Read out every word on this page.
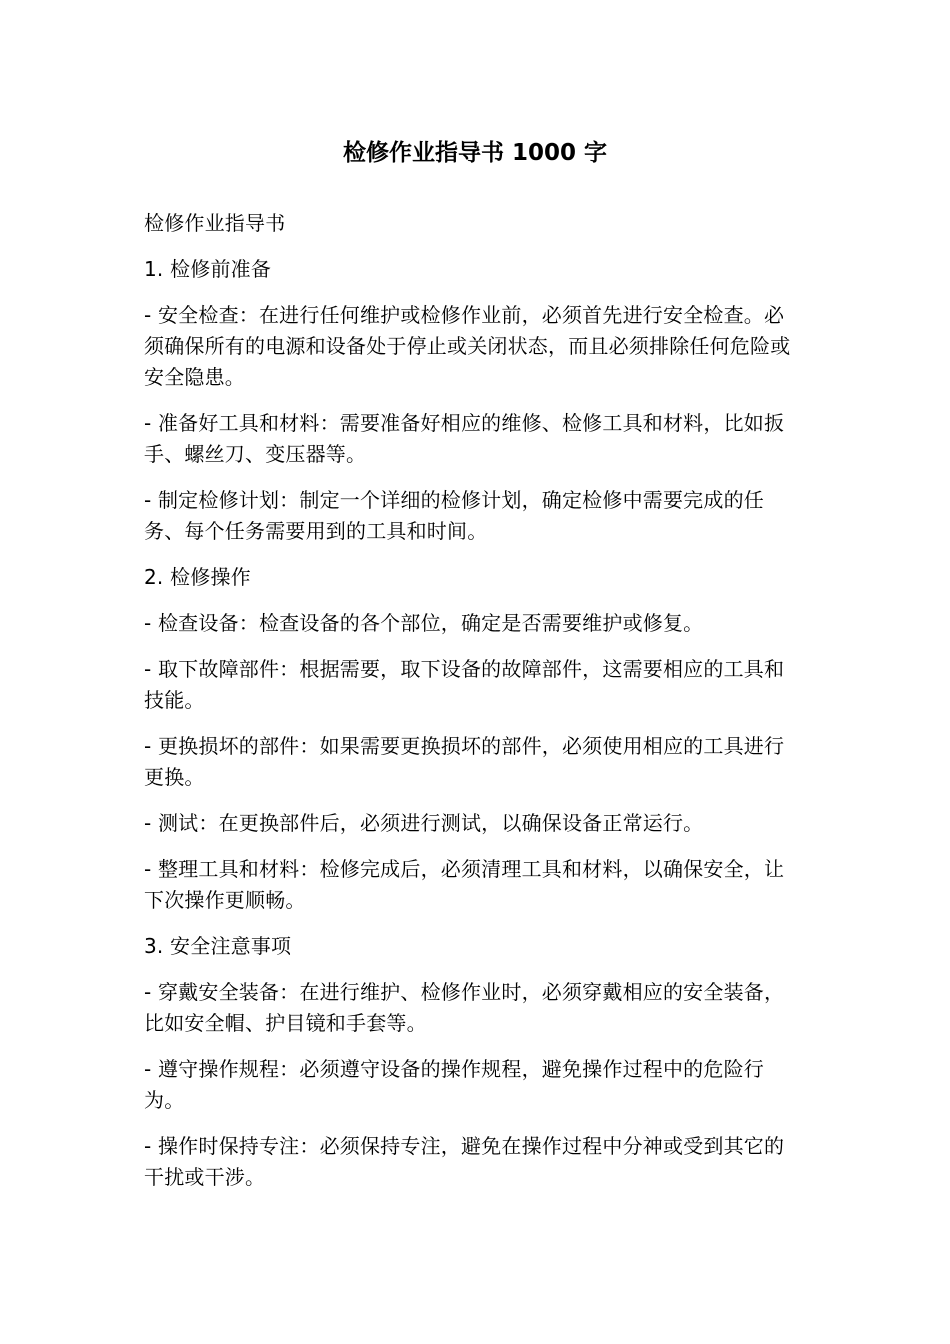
检修作业指导书 1000 字

检修作业指导书

1. 检修前准备

- 安全检查：在进行任何维护或检修作业前，必须首先进行安全检查。必须确保所有的电源和设备处于停止或关闭状态，而且必须排除任何危险或安全隐患。

- 准备好工具和材料：需要准备好相应的维修、检修工具和材料，比如扳手、螺丝刀、变压器等。

- 制定检修计划：制定一个详细的检修计划，确定检修中需要完成的任务、每个任务需要用到的工具和时间。

2. 检修操作

- 检查设备：检查设备的各个部位，确定是否需要维护或修复。

- 取下故障部件：根据需要，取下设备的故障部件，这需要相应的工具和技能。

- 更换损坏的部件：如果需要更换损坏的部件，必须使用相应的工具进行更换。

- 测试：在更换部件后，必须进行测试，以确保设备正常运行。

- 整理工具和材料：检修完成后，必须清理工具和材料，以确保安全，让下次操作更顺畅。

3. 安全注意事项

- 穿戴安全装备：在进行维护、检修作业时，必须穿戴相应的安全装备，比如安全帽、护目镜和手套等。

- 遵守操作规程：必须遵守设备的操作规程，避免操作过程中的危险行为。

- 操作时保持专注：必须保持专注，避免在操作过程中分神或受到其它的干扰或干涉。
